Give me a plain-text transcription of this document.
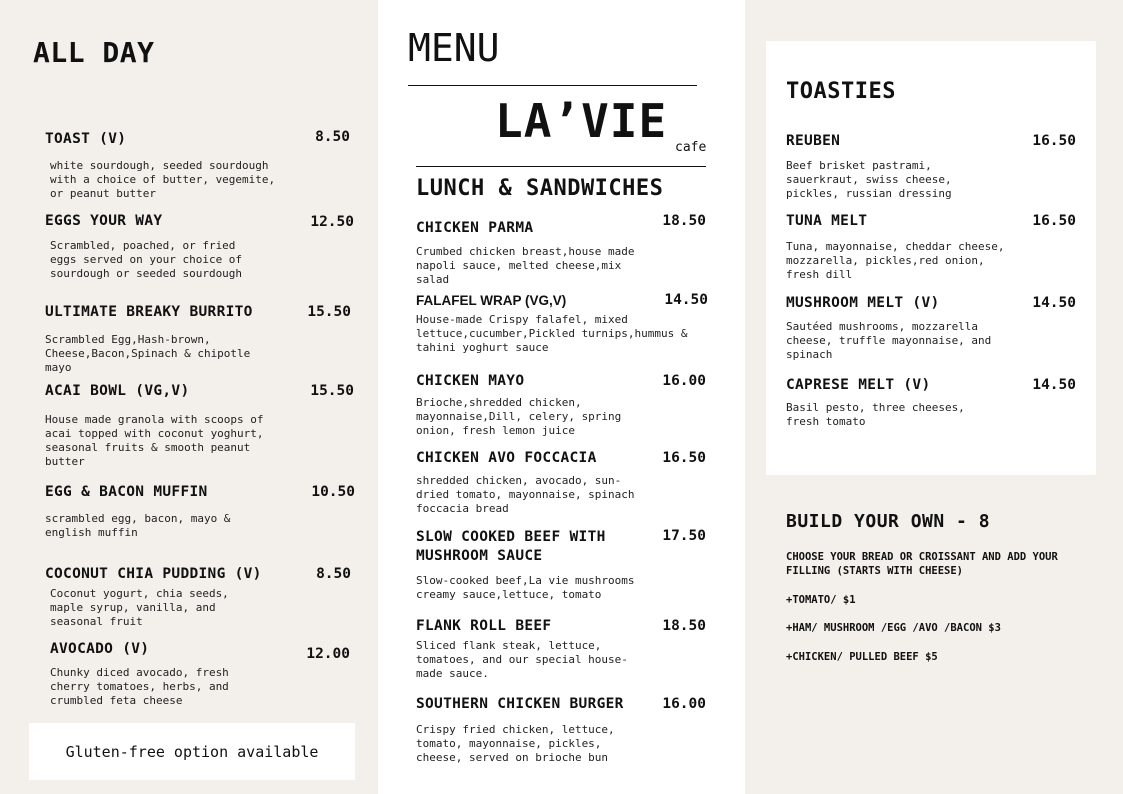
ALL DAY
TOAST (V)	8.50
white sourdough, seeded sourdough with a choice of butter, vegemite, or peanut butter
EGGS YOUR WAY	12.50
Scrambled, poached, or fried eggs served on your choice of sourdough or seeded sourdough
ULTIMATE BREAKY BURRITO	15.50
Scrambled Egg,Hash-brown, Cheese,Bacon,Spinach & chipotle mayo
ACAI BOWL (VG,V)	15.50
House made granola with scoops of acai topped with coconut yoghurt, seasonal fruits & smooth peanut butter
EGG & BACON MUFFIN	10.50
scrambled egg, bacon, mayo & english muffin
COCONUT CHIA PUDDING (V)	8.50
Coconut yogurt, chia seeds, maple syrup, vanilla, and seasonal fruit
AVOCADO (V)	12.00
Chunky diced avocado, fresh cherry tomatoes, herbs, and crumbled feta cheese
Gluten-free option available
MENU
LA’VIE cafe
LUNCH & SANDWICHES
CHICKEN PARMA	18.50
Crumbed chicken breast,house made napoli sauce, melted cheese,mix salad
FALAFEL WRAP (VG,V)	14.50
House-made Crispy falafel, mixed lettuce,cucumber,Pickled turnips,hummus & tahini yoghurt sauce
CHICKEN MAYO	16.00
Brioche,shredded chicken, mayonnaise,Dill, celery, spring onion, fresh lemon juice
CHICKEN AVO FOCCACIA	16.50
shredded chicken, avocado, sun-dried tomato, mayonnaise, spinach foccacia bread
SLOW COOKED BEEF WITH MUSHROOM SAUCE
17.50
Slow-cooked beef,La vie mushrooms creamy sauce,lettuce, tomato
FLANK ROLL BEEF	18.50
Sliced flank steak, lettuce, tomatoes, and our special house-made sauce.
SOUTHERN CHICKEN BURGER	16.00
Crispy fried chicken, lettuce, tomato, mayonnaise, pickles, cheese, served on brioche bun
TOASTIES
REUBEN	16.50
Beef brisket pastrami, sauerkraut, swiss cheese, pickles, russian dressing
TUNA MELT	16.50
Tuna, mayonnaise, cheddar cheese, mozzarella, pickles,red onion, fresh dill
MUSHROOM MELT (V)	14.50
Sautéed mushrooms, mozzarella cheese, truffle mayonnaise, and spinach
CAPRESE MELT (V)	14.50
Basil pesto, three cheeses, fresh tomato
BUILD YOUR OWN - 8
CHOOSE YOUR BREAD OR CROISSANT AND ADD YOUR FILLING (STARTS WITH CHEESE)
+TOMATO/ $1
+HAM/ MUSHROOM /EGG /AVO /BACON $3
+CHICKEN/ PULLED BEEF $5
